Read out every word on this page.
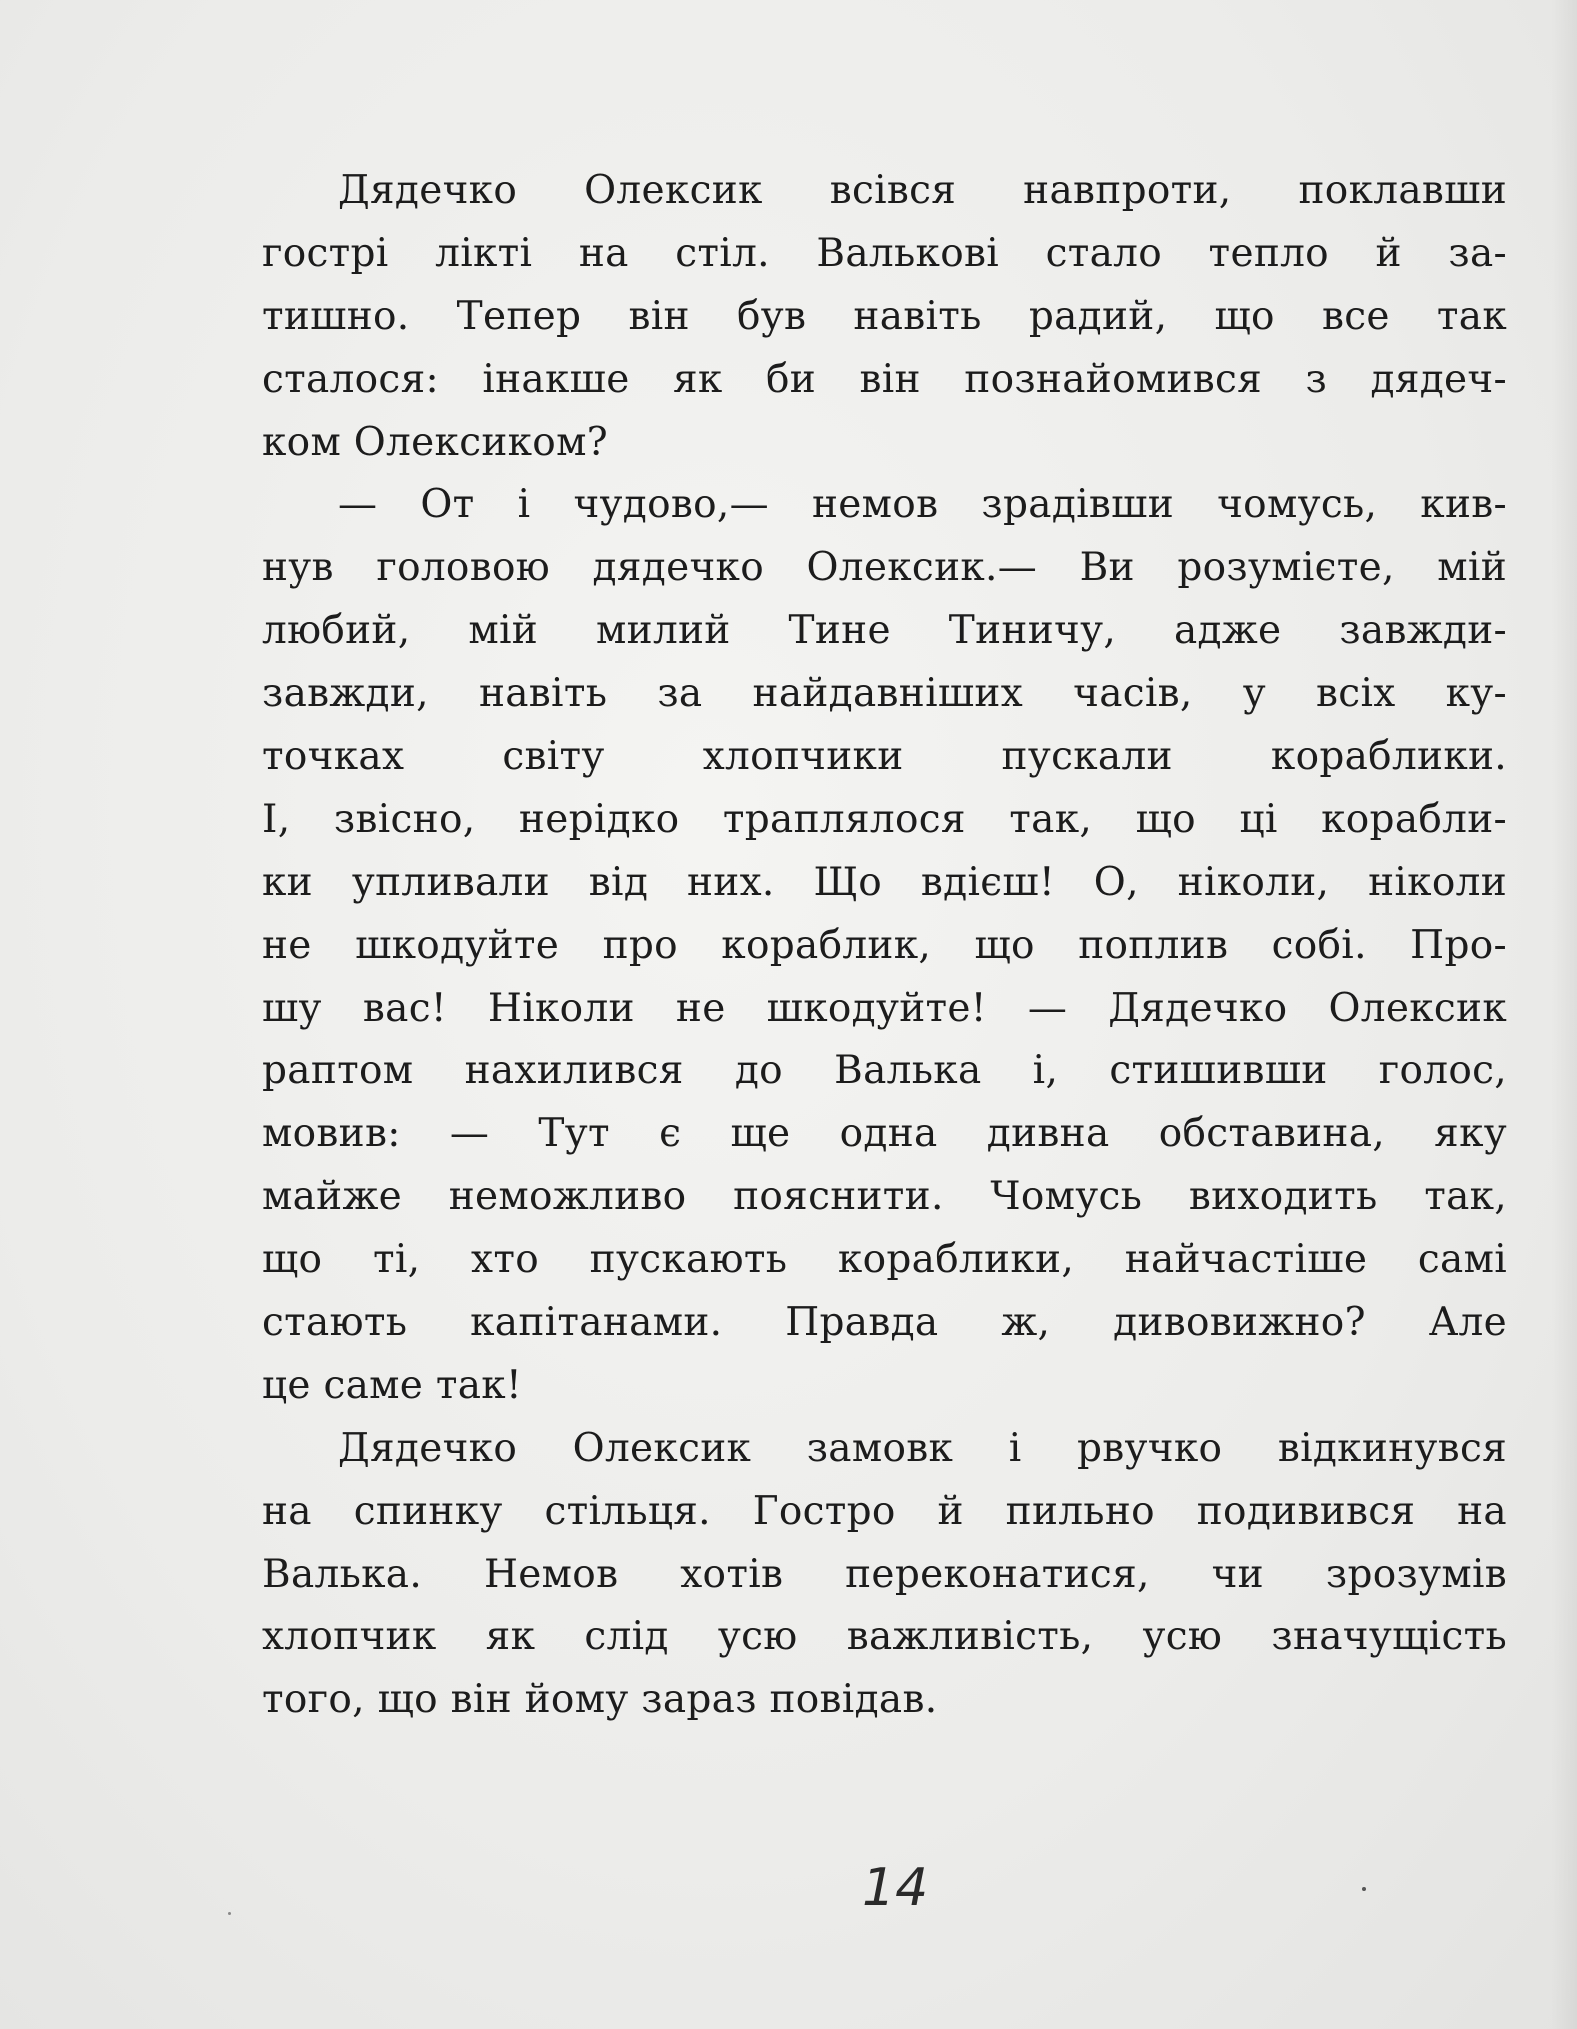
Дядечко Олексик всівся навпроти, поклавши
гострі лікті на стіл. Валькові стало тепло й за-
тишно. Тепер він був навіть радий, що все так
сталося: інакше як би він познайомився з дядеч-
ком Олексиком?
— От і чудово,— немов зрадівши чомусь, кив-
нув головою дядечко Олексик.— Ви розумієте, мій
любий, мій милий Тине Тиничу, адже завжди-
завжди, навіть за найдавніших часів, у всіх ку-
точках світу хлопчики пускали кораблики.
І, звісно, нерідко траплялося так, що ці корабли-
ки упливали від них. Що вдієш! О, ніколи, ніколи
не шкодуйте про кораблик, що поплив собі. Про-
шу вас! Ніколи не шкодуйте! — Дядечко Олексик
раптом нахилився до Валька і, стишивши голос,
мовив: — Тут є ще одна дивна обставина, яку
майже неможливо пояснити. Чомусь виходить так,
що ті, хто пускають кораблики, найчастіше самі
стають капітанами. Правда ж, дивовижно? Але
це саме так!
Дядечко Олексик замовк і рвучко відкинувся
на спинку стільця. Гостро й пильно подивився на
Валька. Немов хотів переконатися, чи зрозумів
хлопчик як слід усю важливість, усю значущість
того, що він йому зараз повідав.
14
